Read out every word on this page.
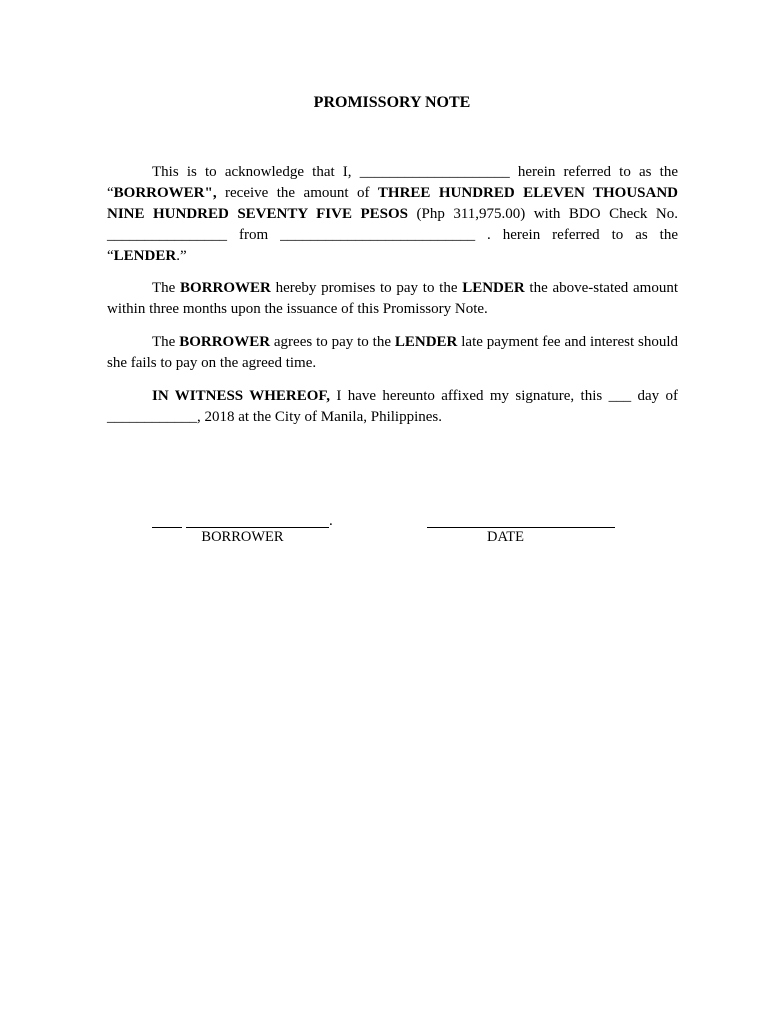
PROMISSORY NOTE

This is to acknowledge that I, ____________________ herein referred to as the “BORROWER", receive the amount of THREE HUNDRED ELEVEN THOUSAND NINE HUNDRED SEVENTY FIVE PESOS (Php 311,975.00) with BDO Check No. ________________ from __________________________ . herein referred to as the “LENDER.”

The BORROWER hereby promises to pay to the LENDER the above-stated amount within three months upon the issuance of this Promissory Note.

The BORROWER agrees to pay to the LENDER late payment fee and interest should she fails to pay on the agreed time.

IN WITNESS WHEREOF, I have hereunto affixed my signature, this ___ day of ____________, 2018 at the City of Manila, Philippines.

.
BORROWER	DATE
